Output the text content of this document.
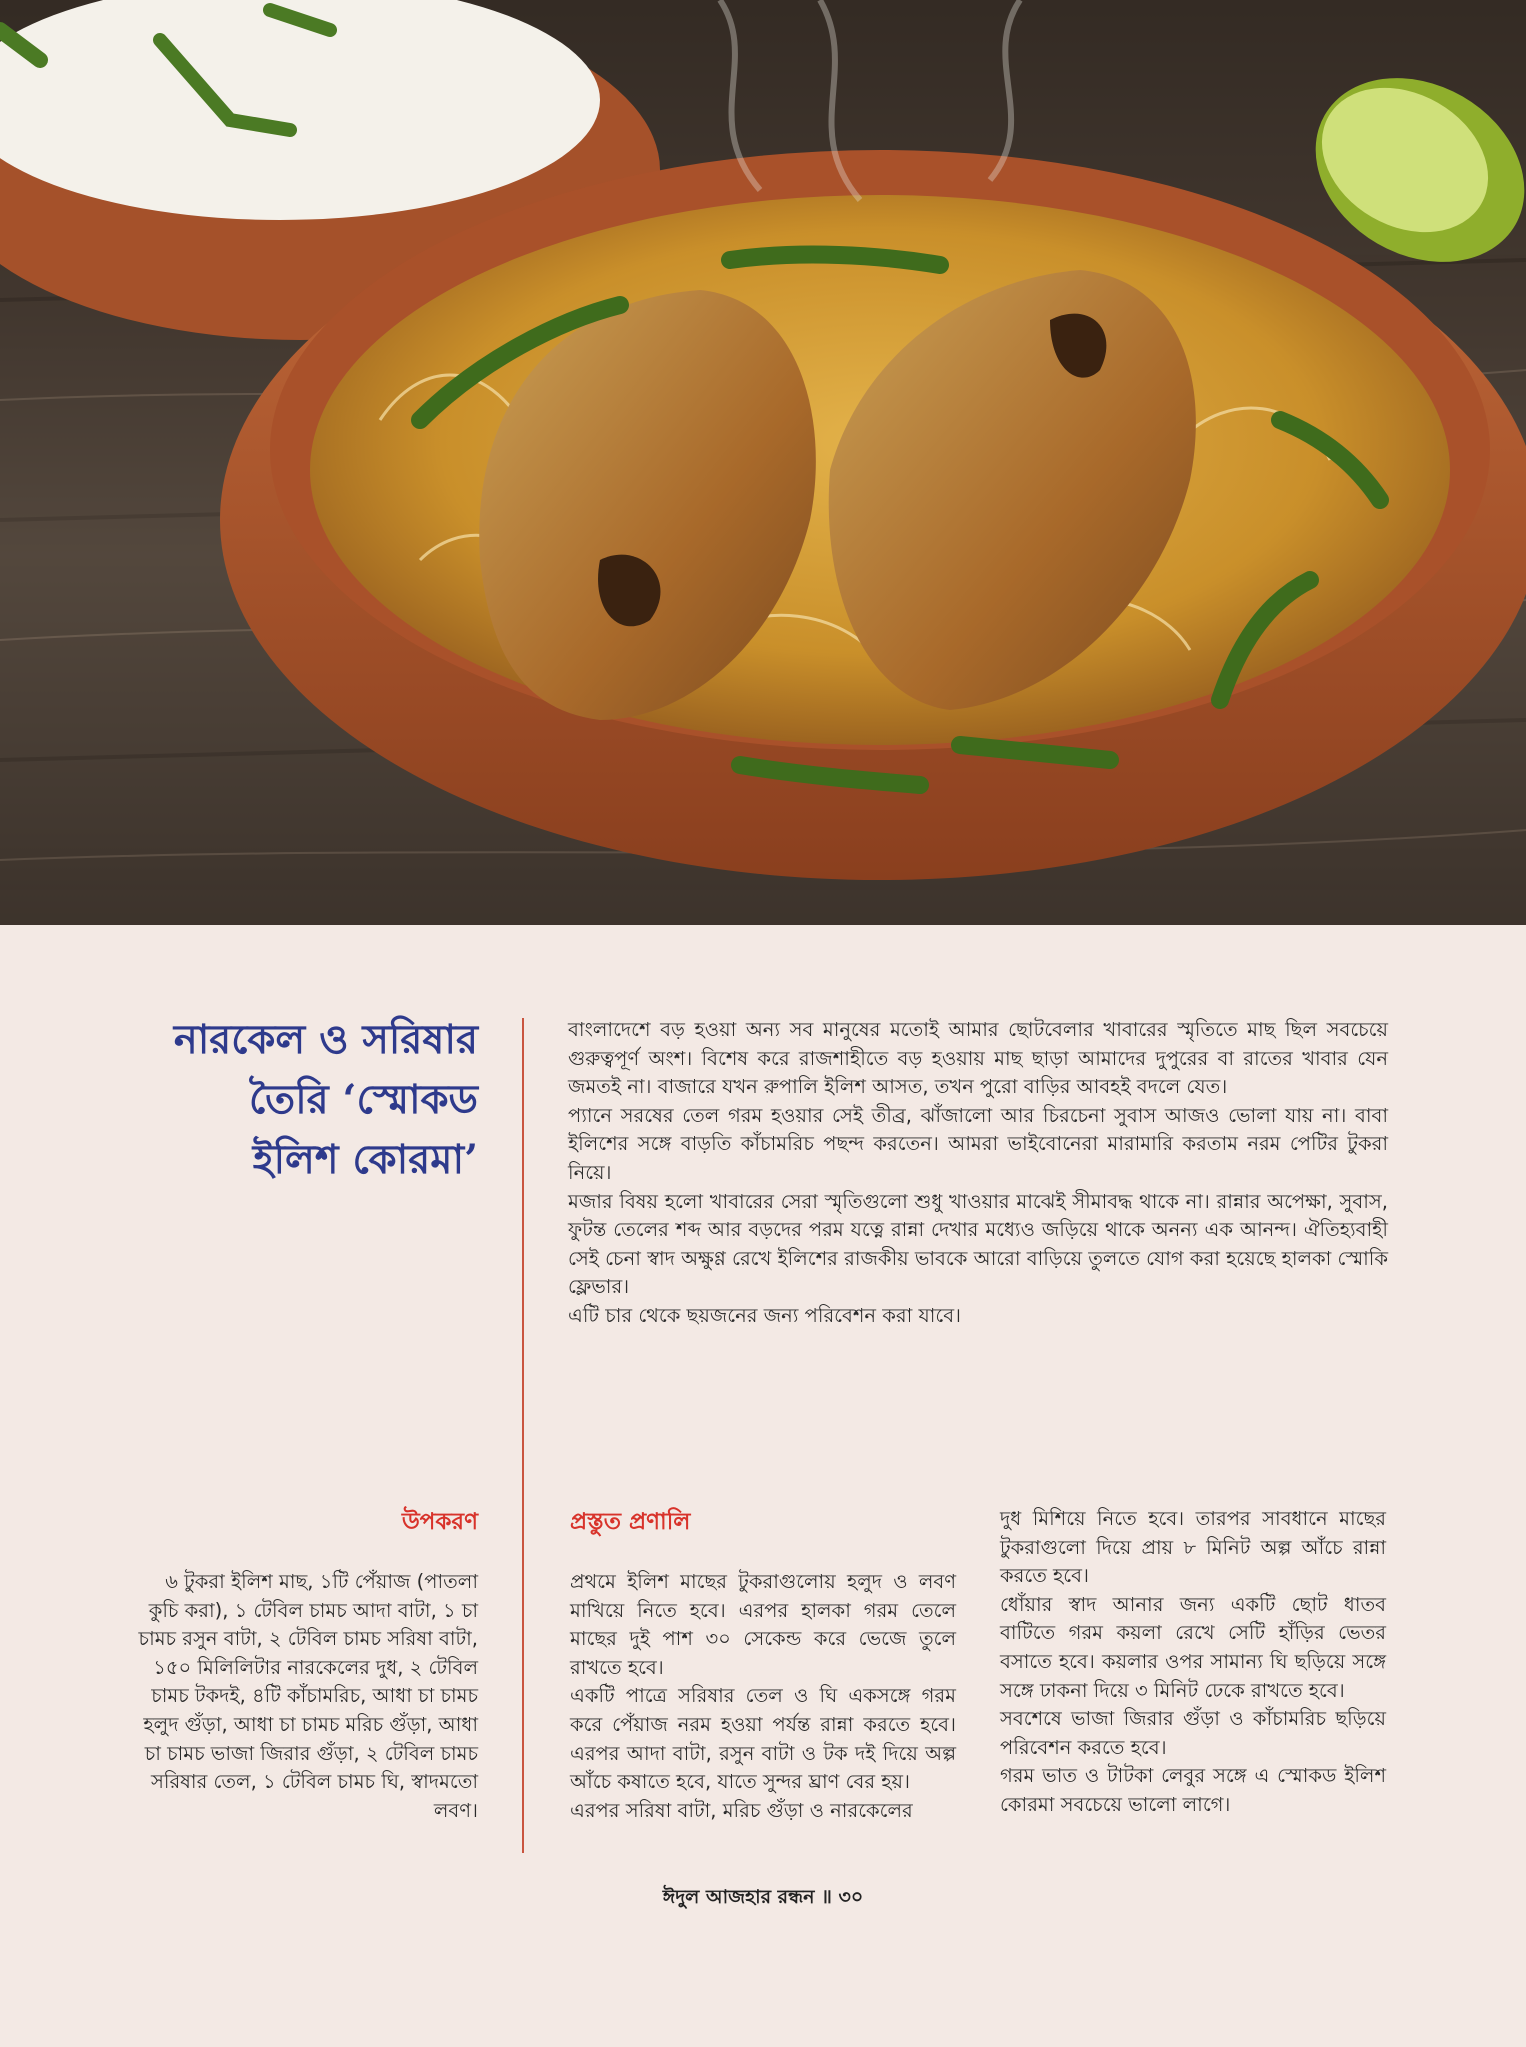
নারকেল ও সরিষার
তৈরি ‘স্মোকড
ইলিশ কোরমা’

বাংলাদেশে বড় হওয়া অন্য সব মানুষের মতোই আমার ছোটবেলার খাবারের স্মৃতিতে মাছ ছিল সবচেয়ে গুরুত্বপূর্ণ অংশ। বিশেষ করে রাজশাহীতে বড় হওয়ায় মাছ ছাড়া আমাদের দুপুরের বা রাতের খাবার যেন জমতই না। বাজারে যখন রুপালি ইলিশ আসত, তখন পুরো বাড়ির আবহই বদলে যেত।

প্যানে সরষের তেল গরম হওয়ার সেই তীব্র, ঝাঁজালো আর চিরচেনা সুবাস আজও ভোলা যায় না। বাবা ইলিশের সঙ্গে বাড়তি কাঁচামরিচ পছন্দ করতেন। আমরা ভাইবোনেরা মারামারি করতাম নরম পেটির টুকরা নিয়ে।

মজার বিষয় হলো খাবারের সেরা স্মৃতিগুলো শুধু খাওয়ার মাঝেই সীমাবদ্ধ থাকে না। রান্নার অপেক্ষা, সুবাস, ফুটন্ত তেলের শব্দ আর বড়দের পরম যত্নে রান্না দেখার মধ্যেও জড়িয়ে থাকে অনন্য এক আনন্দ। ঐতিহ্যবাহী সেই চেনা স্বাদ অক্ষুণ্ণ রেখে ইলিশের রাজকীয় ভাবকে আরো বাড়িয়ে তুলতে যোগ করা হয়েছে হালকা স্মোকি ফ্লেভার।

এটি চার থেকে ছয়জনের জন্য পরিবেশন করা যাবে।

উপকরণ
৬ টুকরা ইলিশ মাছ, ১টি পেঁয়াজ (পাতলা কুচি করা), ১ টেবিল চামচ আদা বাটা, ১ চা চামচ রসুন বাটা, ২ টেবিল চামচ সরিষা বাটা, ১৫০ মিলিলিটার নারকেলের দুধ, ২ টেবিল চামচ টকদই, ৪টি কাঁচামরিচ, আধা চা চামচ হলুদ গুঁড়া, আধা চা চামচ মরিচ গুঁড়া, আধা চা চামচ ভাজা জিরার গুঁড়া, ২ টেবিল চামচ সরিষার তেল, ১ টেবিল চামচ ঘি, স্বাদমতো লবণ।
প্রস্তুত প্রণালি

প্রথমে ইলিশ মাছের টুকরাগুলোয় হলুদ ও লবণ মাখিয়ে নিতে হবে। এরপর হালকা গরম তেলে মাছের দুই পাশ ৩০ সেকেন্ড করে ভেজে তুলে রাখতে হবে।

একটি পাত্রে সরিষার তেল ও ঘি একসঙ্গে গরম করে পেঁয়াজ নরম হওয়া পর্যন্ত রান্না করতে হবে। এরপর আদা বাটা, রসুন বাটা ও টক দই দিয়ে অল্প আঁচে কষাতে হবে, যাতে সুন্দর ঘ্রাণ বের হয়।

এরপর সরিষা বাটা, মরিচ গুঁড়া ও নারকেলের

দুধ মিশিয়ে নিতে হবে। তারপর সাবধানে মাছের টুকরাগুলো দিয়ে প্রায় ৮ মিনিট অল্প আঁচে রান্না করতে হবে।

ধোঁয়ার স্বাদ আনার জন্য একটি ছোট ধাতব বাটিতে গরম কয়লা রেখে সেটি হাঁড়ির ভেতর বসাতে হবে। কয়লার ওপর সামান্য ঘি ছড়িয়ে সঙ্গে সঙ্গে ঢাকনা দিয়ে ৩ মিনিট ঢেকে রাখতে হবে।

সবশেষে ভাজা জিরার গুঁড়া ও কাঁচামরিচ ছড়িয়ে পরিবেশন করতে হবে।

গরম ভাত ও টাটকা লেবুর সঙ্গে এ স্মোকড ইলিশ কোরমা সবচেয়ে ভালো লাগে।

ঈদুল আজহার রন্ধন ॥ ৩০
